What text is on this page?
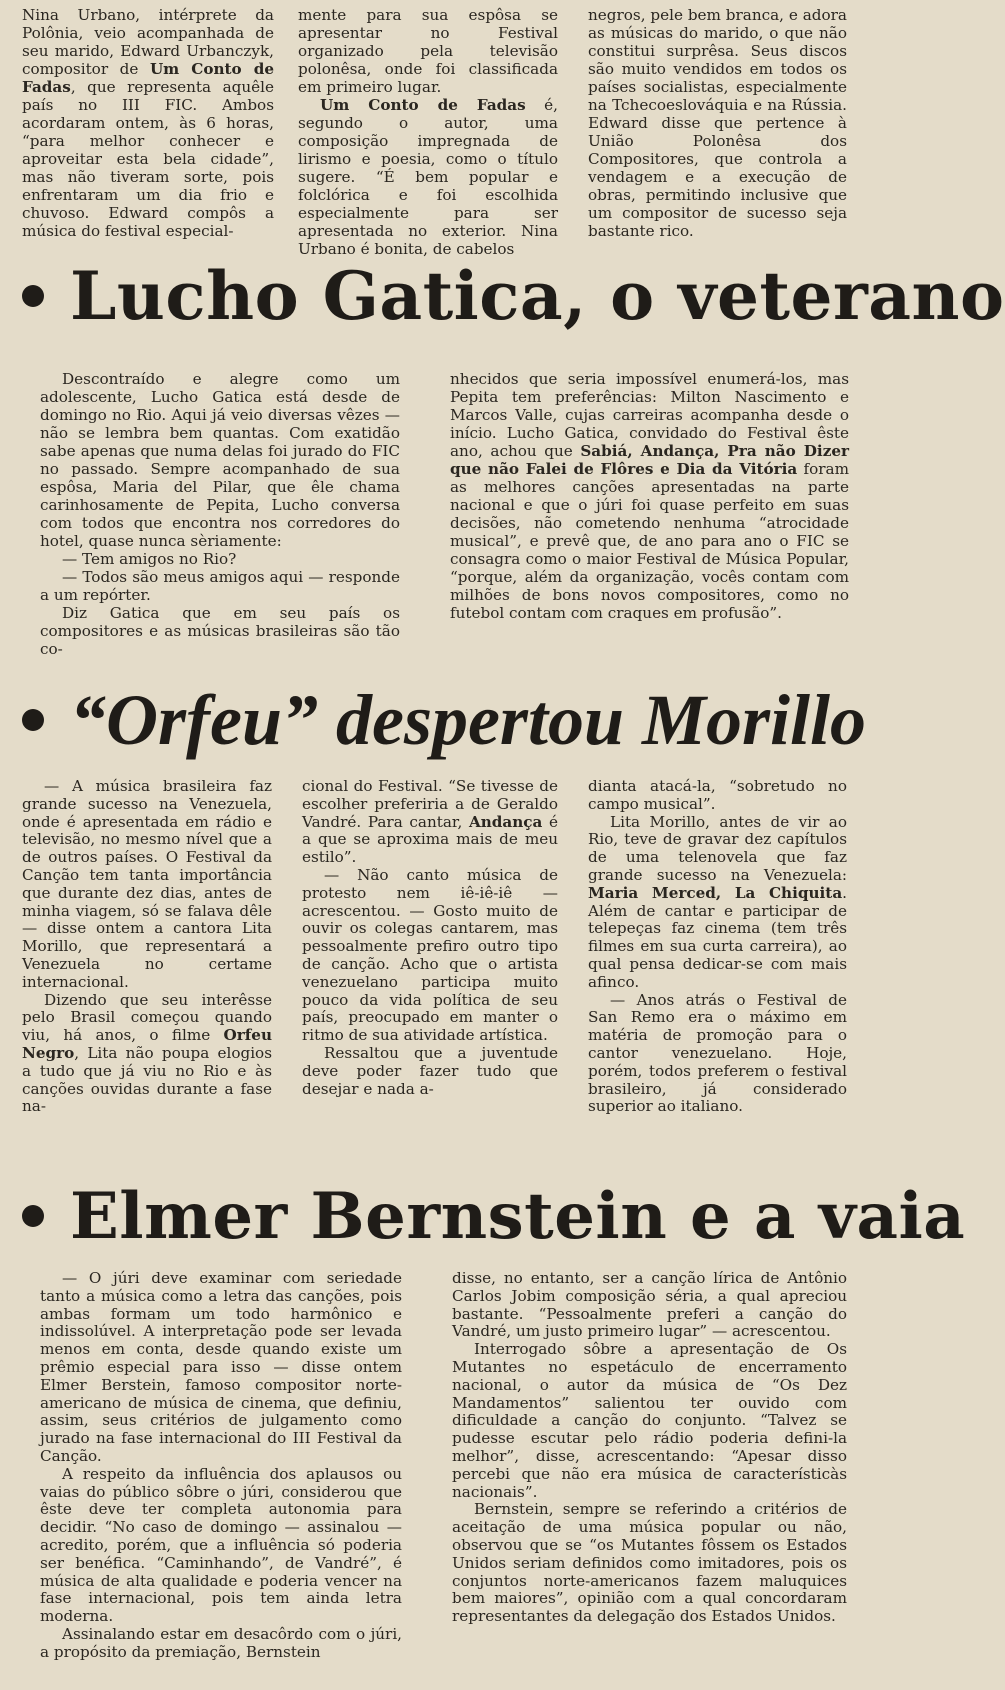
Nina Urbano, intérprete da Polônia, veio acompanhada de seu marido, Edward Urbanczyk, compositor de Um Conto de Fadas, que representa aquêle país no III FIC. Ambos acordaram ontem, às 6 horas, “para melhor conhecer e aproveitar esta bela cidade”, mas não tiveram sorte, pois enfrentaram um dia frio e chuvoso. Edward compôs a música do festival especial-

mente para sua espôsa se apresentar no Festival organizado pela televisão polonêsa, onde foi classificada em primeiro lugar.

Um Conto de Fadas é, segundo o autor, uma composição impregnada de lirismo e poesia, como o título sugere. “É bem popular e folclórica e foi escolhida especialmente para ser apresentada no exterior. Nina Urbano é bonita, de cabelos

negros, pele bem branca, e adora as músicas do marido, o que não constitui surprêsa. Seus discos são muito vendidos em todos os países socialistas, especialmente na Tchecoeslováquia e na Rússia. Edward disse que pertence à União Polonêsa dos Compositores, que controla a vendagem e a execução de obras, permitindo inclusive que um compositor de sucesso seja bastante rico.

Lucho Gatica, o veterano

Descontraído e alegre como um adolescente, Lucho Gatica está desde de domingo no Rio. Aqui já veio diversas vêzes — não se lembra bem quantas. Com exatidão sabe apenas que numa delas foi jurado do FIC no passado. Sempre acompanhado de sua espôsa, Maria del Pilar, que êle chama carinhosamente de Pepita, Lucho conversa com todos que encontra nos corredores do hotel, quase nunca sèriamente:

— Tem amigos no Rio?

— Todos são meus amigos aqui — responde a um repórter.

Diz Gatica que em seu país os compositores e as músicas brasileiras são tão co-

nhecidos que seria impossível enumerá-los, mas Pepita tem preferências: Milton Nascimento e Marcos Valle, cujas carreiras acompanha desde o início. Lucho Gatica, convidado do Festival êste ano, achou que Sabiá, Andança, Pra não Dizer que não Falei de Flôres e Dia da Vitória foram as melhores canções apresentadas na parte nacional e que o júri foi quase perfeito em suas decisões, não cometendo nenhuma “atrocidade musical”, e prevê que, de ano para ano o FIC se consagra como o maior Festival de Música Popular, “porque, além da organização, vocês contam com milhões de bons novos compositores, como no futebol contam com craques em profusão”.

“Orfeu” despertou Morillo

— A música brasileira faz grande sucesso na Venezuela, onde é apresentada em rádio e televisão, no mesmo nível que a de outros países. O Festival da Canção tem tanta importância que durante dez dias, antes de minha viagem, só se falava dêle — disse ontem a cantora Lita Morillo, que representará a Venezuela no certame internacional.

Dizendo que seu interêsse pelo Brasil começou quando viu, há anos, o filme Orfeu Negro, Lita não poupa elogios a tudo que já viu no Rio e às canções ouvidas durante a fase na-

cional do Festival. “Se tivesse de escolher preferiria a de Geraldo Vandré. Para cantar, Andança é a que se aproxima mais de meu estilo”.

— Não canto música de protesto nem iê-iê-iê — acrescentou. — Gosto muito de ouvir os colegas cantarem, mas pessoalmente prefiro outro tipo de canção. Acho que o artista venezuelano participa muito pouco da vida política de seu país, preocupado em manter o ritmo de sua atividade artística.

Ressaltou que a juventude deve poder fazer tudo que desejar e nada a-

dianta atacá-la, “sobretudo no campo musical”.

Lita Morillo, antes de vir ao Rio, teve de gravar dez capítulos de uma telenovela que faz grande sucesso na Venezuela: Maria Merced, La Chiquita. Além de cantar e participar de telepeças faz cinema (tem três filmes em sua curta carreira), ao qual pensa dedicar-se com mais afinco.

— Anos atrás o Festival de San Remo era o máximo em matéria de promoção para o cantor venezuelano. Hoje, porém, todos preferem o festival brasileiro, já considerado superior ao italiano.

Elmer Bernstein e a vaia

— O júri deve examinar com seriedade tanto a música como a letra das canções, pois ambas formam um todo harmônico e indissolúvel. A interpretação pode ser levada menos em conta, desde quando existe um prêmio especial para isso — disse ontem Elmer Berstein, famoso compositor norte-americano de música de cinema, que definiu, assim, seus critérios de julgamento como jurado na fase internacional do III Festival da Canção.

A respeito da influência dos aplausos ou vaias do público sôbre o júri, considerou que êste deve ter completa autonomia para decidir. “No caso de domingo — assinalou — acredito, porém, que a influência só poderia ser benéfica. “Caminhando”, de Vandré”, é música de alta qualidade e poderia vencer na fase internacional, pois tem ainda letra moderna.

Assinalando estar em desacôrdo com o júri, a propósito da premiação, Bernstein

disse, no entanto, ser a canção lírica de Antônio Carlos Jobim composição séria, a qual apreciou bastante. “Pessoalmente preferi a canção do Vandré, um justo primeiro lugar” — acrescentou.

Interrogado sôbre a apresentação de Os Mutantes no espetáculo de encerramento nacional, o autor da música de “Os Dez Mandamentos” salientou ter ouvido com dificuldade a canção do conjunto. “Talvez se pudesse escutar pelo rádio poderia defini-la melhor”, disse, acrescentando: “Apesar disso percebi que não era música de característicàs nacionais”.

Bernstein, sempre se referindo a critérios de aceitação de uma música popular ou não, observou que se “os Mutantes fôssem os Estados Unidos seriam definidos como imitadores, pois os conjuntos norte-americanos fazem maluquices bem maiores”, opinião com a qual concordaram representantes da delegação dos Estados Unidos.
